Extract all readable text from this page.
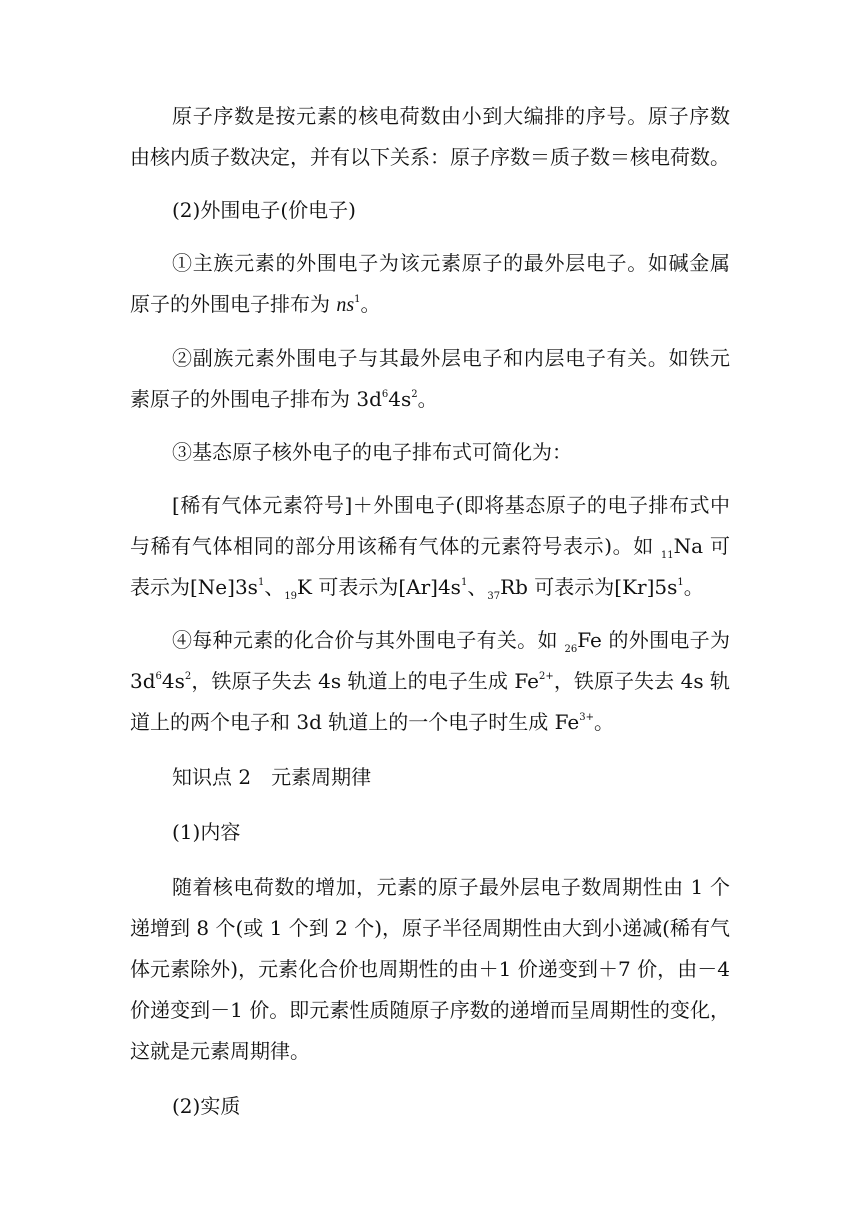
原子序数是按元素的核电荷数由小到大编排的序号。原子序数由核内质子数决定，并有以下关系：原子序数＝质子数＝核电荷数。

(2)外围电子(价电子)

①主族元素的外围电子为该元素原子的最外层电子。如碱金属原子的外围电子排布为 $ns^1$。

②副族元素外围电子与其最外层电子和内层电子有关。如铁元素原子的外围电子排布为 $3d^64s^2$。

③基态原子核外电子的电子排布式可简化为：

[稀有气体元素符号]＋外围电子(即将基态原子的电子排布式中与稀有气体相同的部分用该稀有气体的元素符号表示)。如 $_{11}$Na 可表示为$[Ne]3s^1$、$_{19}$K 可表示为$[Ar]4s^1$、$_{37}$Rb 可表示为$[Kr]5s^1$。

④每种元素的化合价与其外围电子有关。如 $_{26}$Fe 的外围电子为 $3d^64s^2$，铁原子失去 4s 轨道上的电子生成 $Fe^{2+}$，铁原子失去 4s 轨道上的两个电子和 3d 轨道上的一个电子时生成 $Fe^{3+}$。

知识点 2　元素周期律

(1)内容

随着核电荷数的增加，元素的原子最外层电子数周期性由 1 个递增到 8 个(或 1 个到 2 个)，原子半径周期性由大到小递减(稀有气体元素除外)，元素化合价也周期性的由＋1 价递变到＋7 价，由－4 价递变到－1 价。即元素性质随原子序数的递增而呈周期性的变化，这就是元素周期律。

(2)实质
